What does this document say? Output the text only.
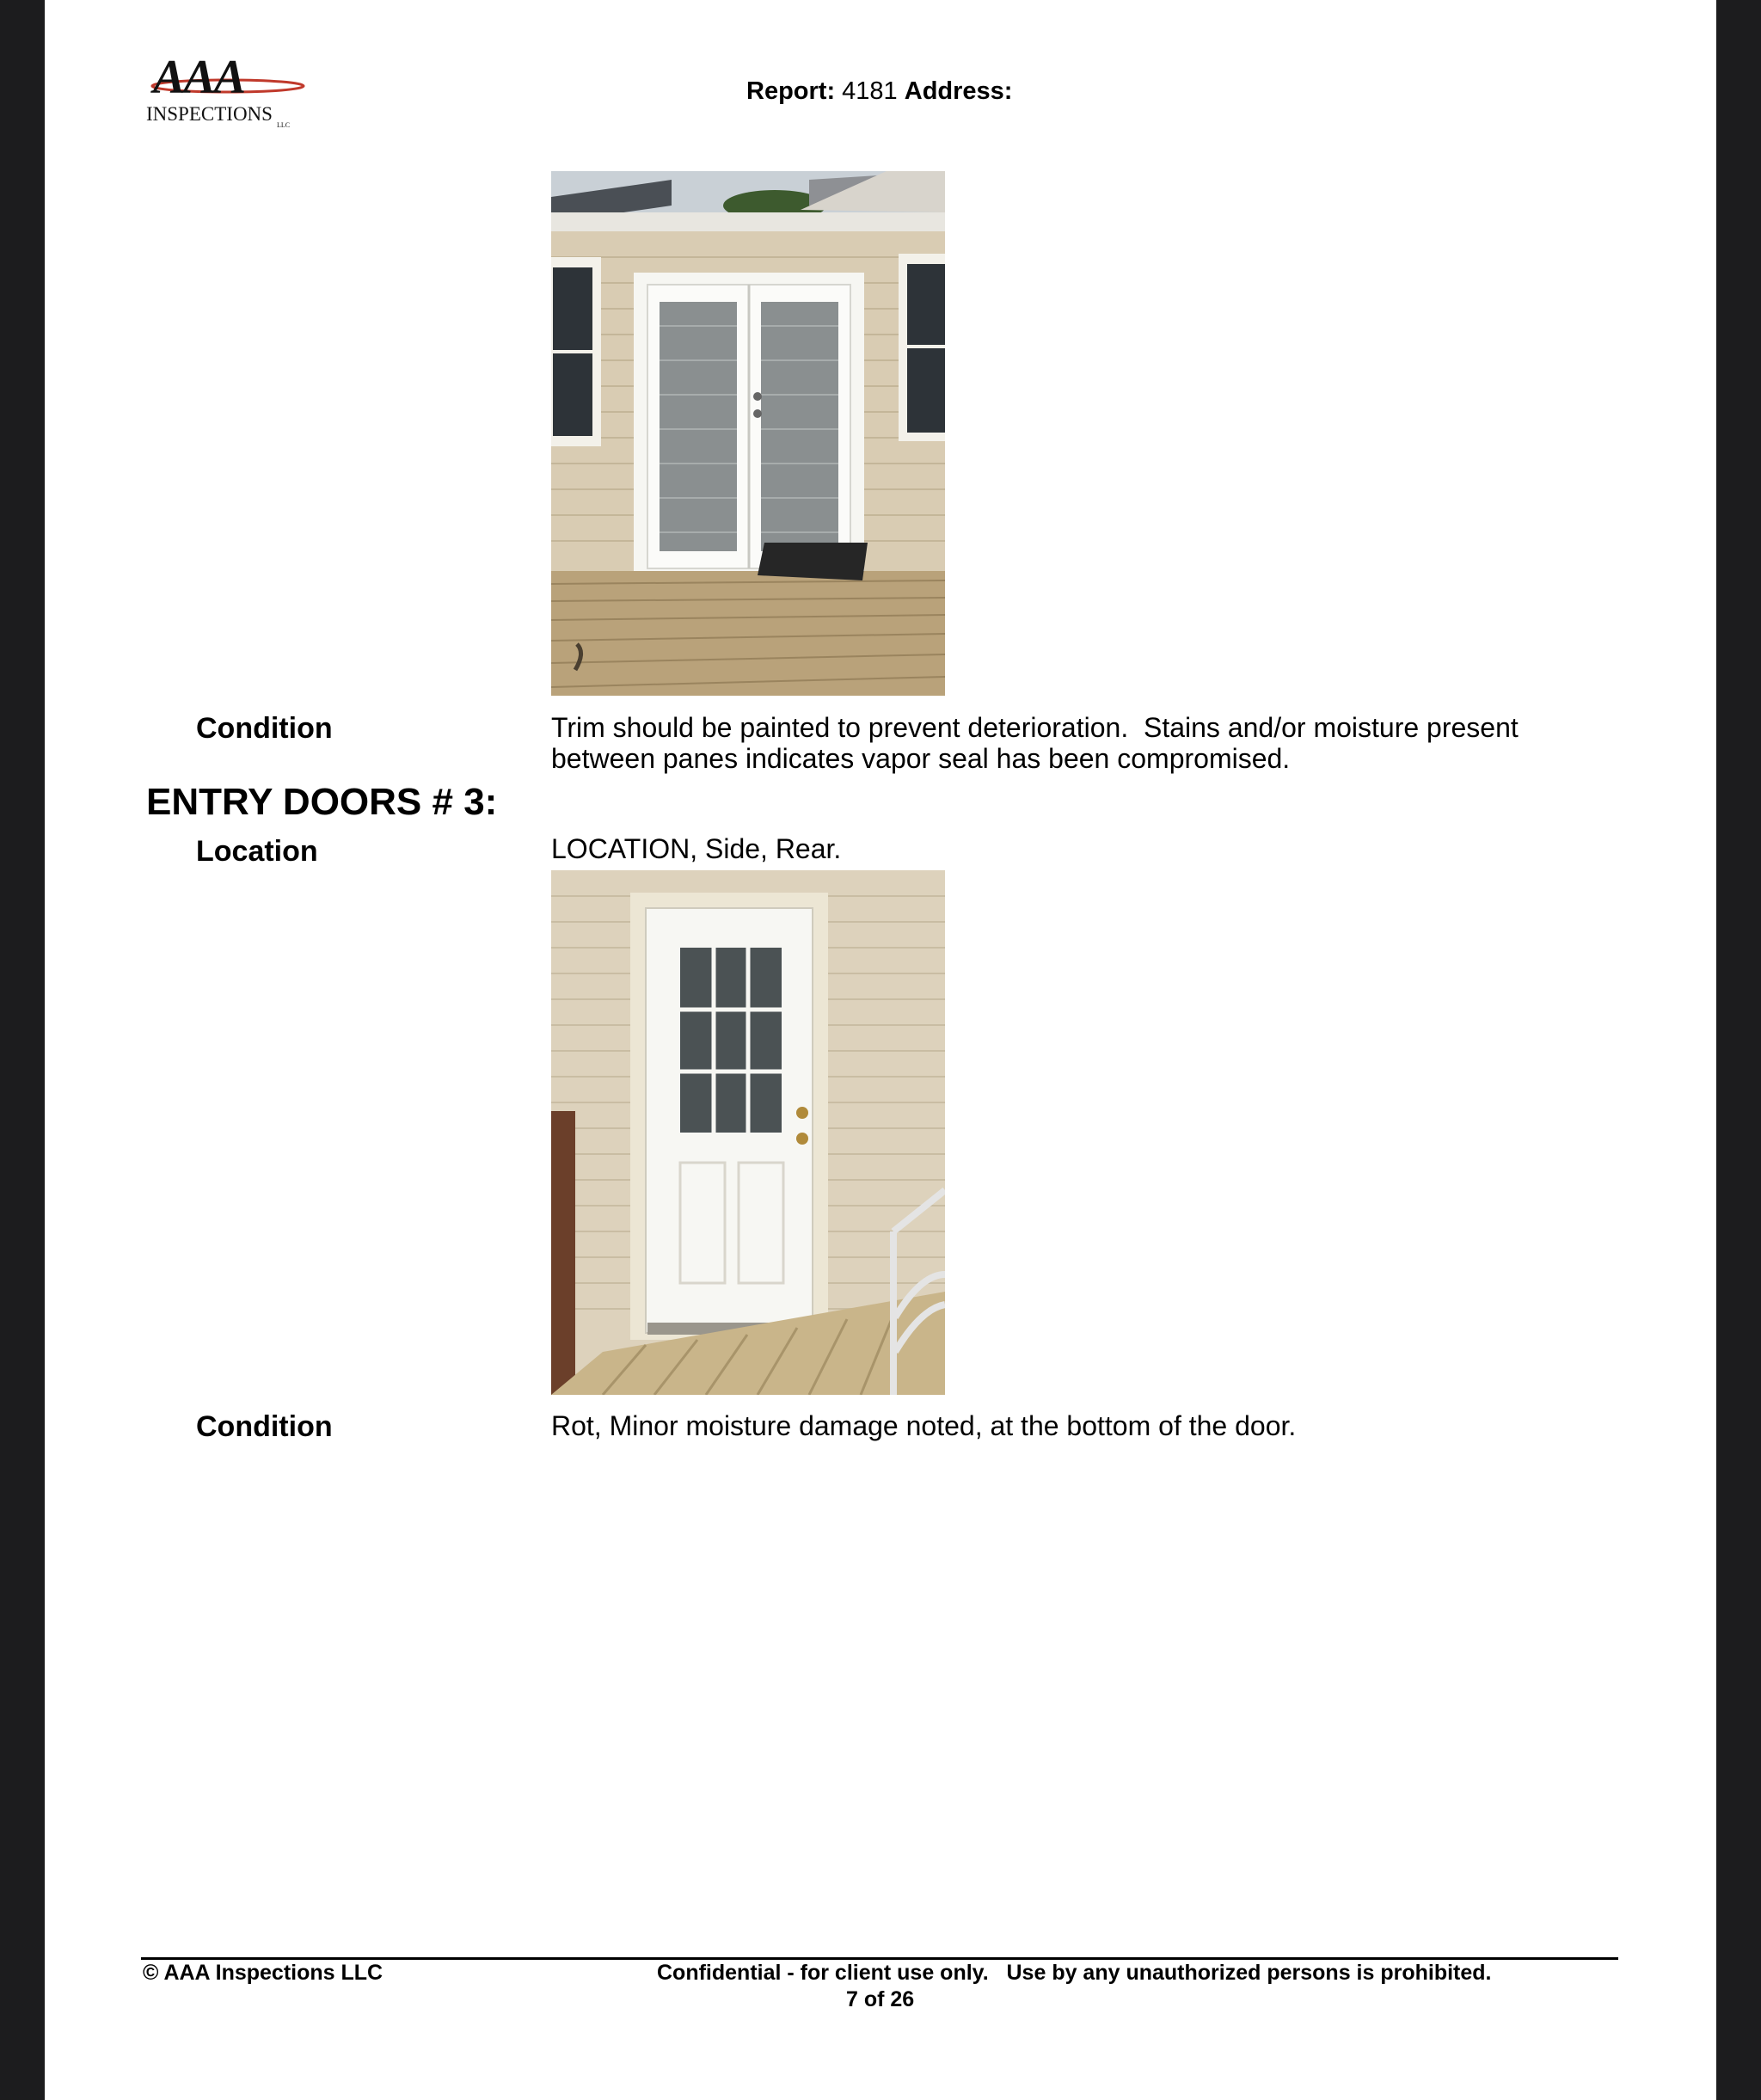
AAA
INSPECTIONS
LLC
Report: 4181 Address:
Condition	Trim should be painted to prevent deterioration.  Stains and/or moisture present
between panes indicates vapor seal has been compromised.
ENTRY DOORS # 3:
Location	LOCATION, Side, Rear.
Condition	Rot, Minor moisture damage noted, at the bottom of the door.
© AAA Inspections LLC	Confidential - for client use only.   Use by any unauthorized persons is prohibited.
7 of 26
